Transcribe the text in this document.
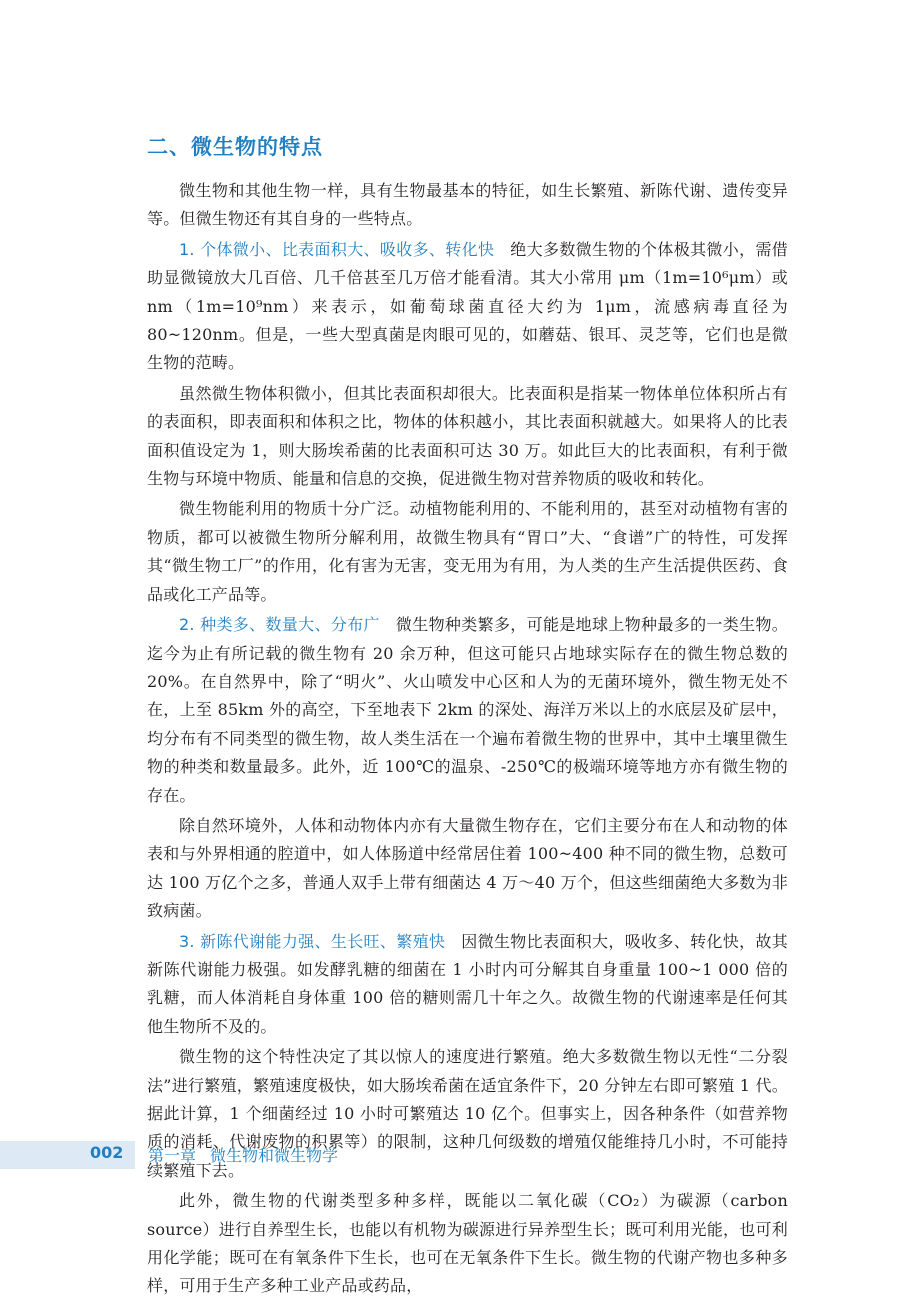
二、微生物的特点

微生物和其他生物一样，具有生物最基本的特征，如生长繁殖、新陈代谢、遗传变异等。但微生物还有其自身的一些特点。

1. 个体微小、比表面积大、吸收多、转化快 绝大多数微生物的个体极其微小，需借助显微镜放大几百倍、几千倍甚至几万倍才能看清。其大小常用 μm（1m=10⁶μm）或 nm（1m=10⁹nm）来表示，如葡萄球菌直径大约为 1μm，流感病毒直径为 80~120nm。但是，一些大型真菌是肉眼可见的，如蘑菇、银耳、灵芝等，它们也是微生物的范畴。

虽然微生物体积微小，但其比表面积却很大。比表面积是指某一物体单位体积所占有的表面积，即表面积和体积之比，物体的体积越小，其比表面积就越大。如果将人的比表面积值设定为 1，则大肠埃希菌的比表面积可达 30 万。如此巨大的比表面积，有利于微生物与环境中物质、能量和信息的交换，促进微生物对营养物质的吸收和转化。

微生物能利用的物质十分广泛。动植物能利用的、不能利用的，甚至对动植物有害的物质，都可以被微生物所分解利用，故微生物具有“胃口”大、“食谱”广的特性，可发挥其“微生物工厂”的作用，化有害为无害，变无用为有用，为人类的生产生活提供医药、食品或化工产品等。

2. 种类多、数量大、分布广 微生物种类繁多，可能是地球上物种最多的一类生物。迄今为止有所记载的微生物有 20 余万种，但这可能只占地球实际存在的微生物总数的 20%。在自然界中，除了“明火”、火山喷发中心区和人为的无菌环境外，微生物无处不在，上至 85km 外的高空，下至地表下 2km 的深处、海洋万米以上的水底层及矿层中，均分布有不同类型的微生物，故人类生活在一个遍布着微生物的世界中，其中土壤里微生物的种类和数量最多。此外，近 100℃的温泉、-250℃的极端环境等地方亦有微生物的存在。

除自然环境外，人体和动物体内亦有大量微生物存在，它们主要分布在人和动物的体表和与外界相通的腔道中，如人体肠道中经常居住着 100~400 种不同的微生物，总数可达 100 万亿个之多，普通人双手上带有细菌达 4 万～40 万个，但这些细菌绝大多数为非致病菌。

3. 新陈代谢能力强、生长旺、繁殖快 因微生物比表面积大，吸收多、转化快，故其新陈代谢能力极强。如发酵乳糖的细菌在 1 小时内可分解其自身重量 100~1 000 倍的乳糖，而人体消耗自身体重 100 倍的糖则需几十年之久。故微生物的代谢速率是任何其他生物所不及的。

微生物的这个特性决定了其以惊人的速度进行繁殖。绝大多数微生物以无性“二分裂法”进行繁殖，繁殖速度极快，如大肠埃希菌在适宜条件下，20 分钟左右即可繁殖 1 代。据此计算，1 个细菌经过 10 小时可繁殖达 10 亿个。但事实上，因各种条件（如营养物质的消耗、代谢废物的积累等）的限制，这种几何级数的增殖仅能维持几小时，不可能持续繁殖下去。

此外，微生物的代谢类型多种多样，既能以二氧化碳（CO₂）为碳源（carbon source）进行自养型生长，也能以有机物为碳源进行异养型生长；既可利用光能，也可利用化学能；既可在有氧条件下生长，也可在无氧条件下生长。微生物的代谢产物也多种多样，可用于生产多种工业产品或药品，

002 第一章 微生物和微生物学
